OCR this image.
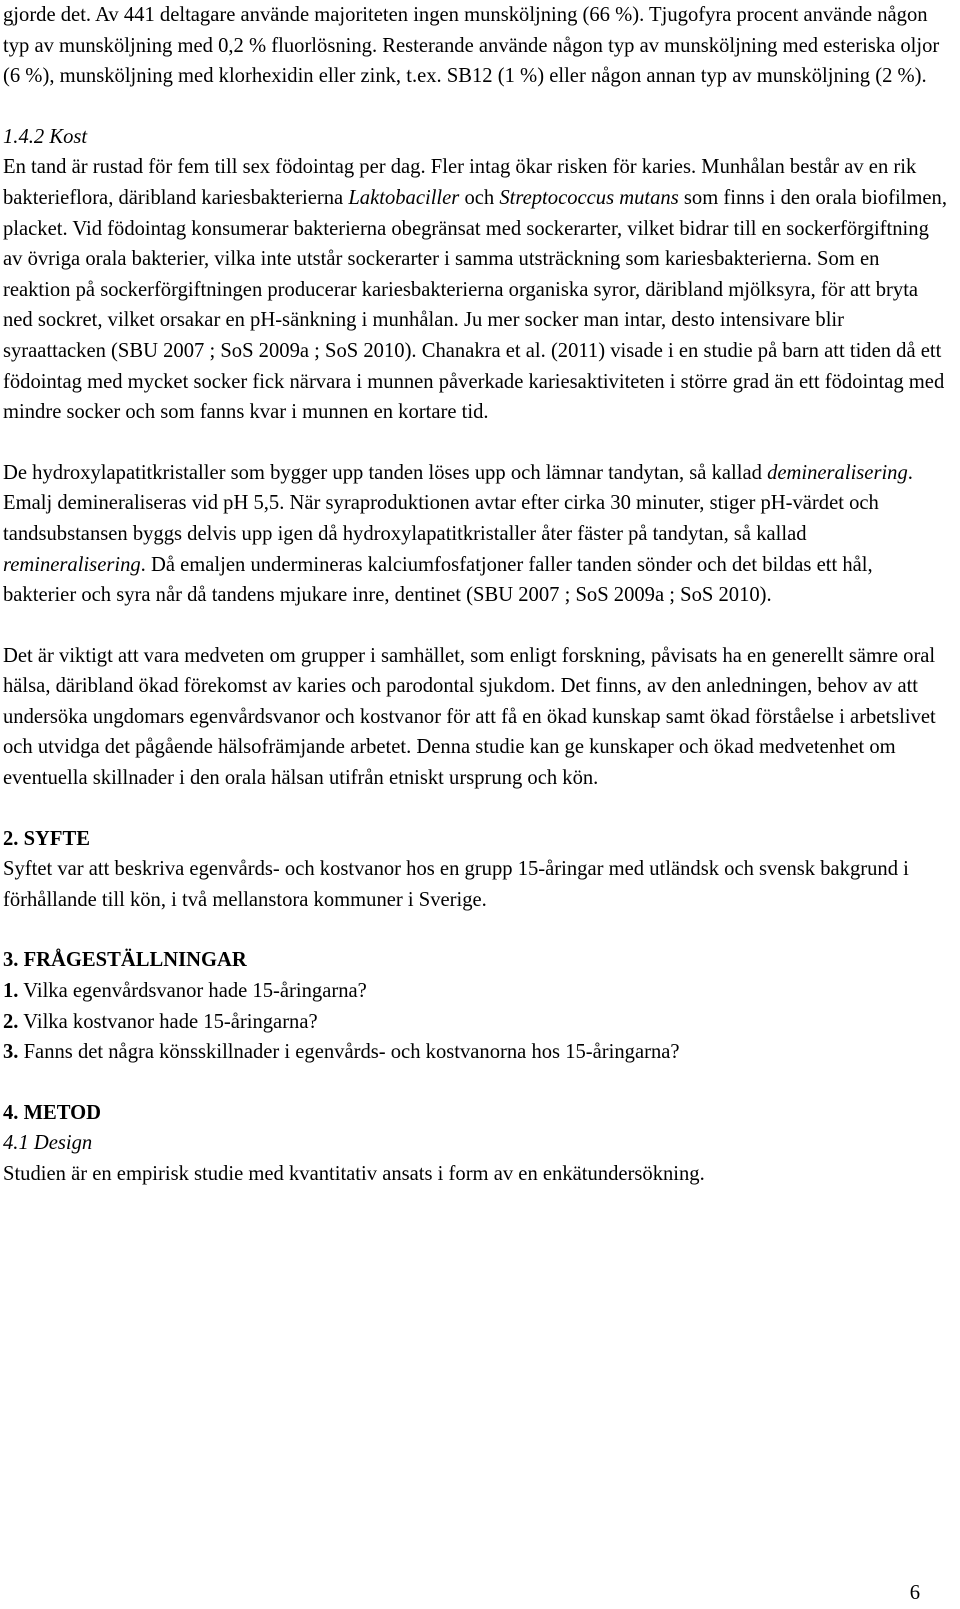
gjorde det. Av 441 deltagare använde majoriteten ingen munsköljning (66 %). Tjugofyra procent använde någon typ av munsköljning med 0,2 % fluorlösning. Resterande använde någon typ av munsköljning med esteriska oljor (6 %), munsköljning med klorhexidin eller zink, t.ex. SB12 (1 %) eller någon annan typ av munsköljning (2 %).

1.4.2 Kost

En tand är rustad för fem till sex födointag per dag. Fler intag ökar risken för karies. Munhålan består av en rik bakterieflora, däribland kariesbakterierna Laktobaciller och Streptococcus mutans som finns i den orala biofilmen, placket. Vid födointag konsumerar bakterierna obegränsat med sockerarter, vilket bidrar till en sockerförgiftning av övriga orala bakterier, vilka inte utstår sockerarter i samma utsträckning som kariesbakterierna. Som en reaktion på sockerförgiftningen producerar kariesbakterierna organiska syror, däribland mjölksyra, för att bryta ned sockret, vilket orsakar en pH-sänkning i munhålan. Ju mer socker man intar, desto intensivare blir syraattacken (SBU 2007 ; SoS 2009a ; SoS 2010). Chanakra et al. (2011) visade i en studie på barn att tiden då ett födointag med mycket socker fick närvara i munnen påverkade kariesaktiviteten i större grad än ett födointag med mindre socker och som fanns kvar i munnen en kortare tid.

De hydroxylapatitkristaller som bygger upp tanden löses upp och lämnar tandytan, så kallad demineralisering. Emalj demineraliseras vid pH 5,5. När syraproduktionen avtar efter cirka 30 minuter, stiger pH-värdet och tandsubstansen byggs delvis upp igen då hydroxylapatitkristaller åter fäster på tandytan, så kallad remineralisering. Då emaljen undermineras kalciumfosfatjoner faller tanden sönder och det bildas ett hål, bakterier och syra når då tandens mjukare inre, dentinet (SBU 2007 ; SoS 2009a ; SoS 2010).

Det är viktigt att vara medveten om grupper i samhället, som enligt forskning, påvisats ha en generellt sämre oral hälsa, däribland ökad förekomst av karies och parodontal sjukdom. Det finns, av den anledningen, behov av att undersöka ungdomars egenvårdsvanor och kostvanor för att få en ökad kunskap samt ökad förståelse i arbetslivet och utvidga det pågående hälsofrämjande arbetet. Denna studie kan ge kunskaper och ökad medvetenhet om eventuella skillnader i den orala hälsan utifrån etniskt ursprung och kön.

2. SYFTE

Syftet var att beskriva egenvårds- och kostvanor hos en grupp 15-åringar med utländsk och svensk bakgrund i förhållande till kön, i två mellanstora kommuner i Sverige.

3. FRÅGESTÄLLNINGAR

1. Vilka egenvårdsvanor hade 15-åringarna?

2. Vilka kostvanor hade 15-åringarna?

3. Fanns det några könsskillnader i egenvårds- och kostvanorna hos 15-åringarna?

4. METOD

4.1 Design

Studien är en empirisk studie med kvantitativ ansats i form av en enkätundersökning.

6
